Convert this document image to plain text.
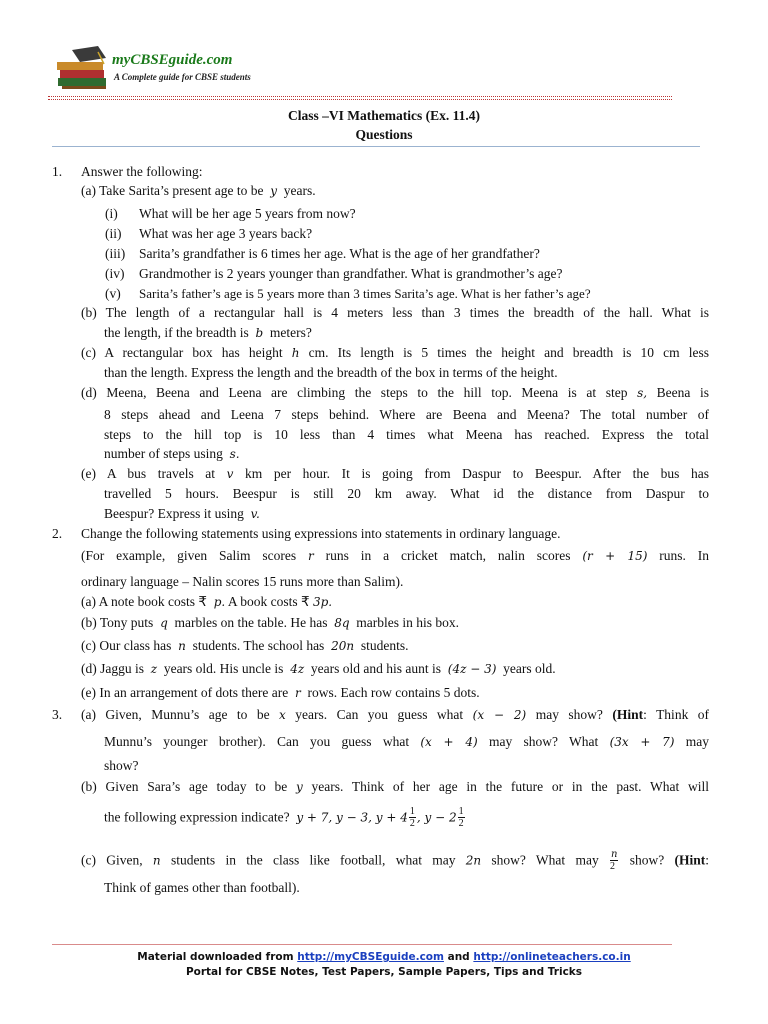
myCBSEguide.com
A Complete guide for CBSE students
Class –VI Mathematics (Ex. 11.4)
Questions
1. Answer the following:
(a) Take Sarita’s present age to be y years.
(i) What will be her age 5 years from now?
(ii) What was her age 3 years back?
(iii) Sarita’s grandfather is 6 times her age. What is the age of her grandfather?
(iv) Grandmother is 2 years younger than grandfather. What is grandmother’s age?
(v) Sarita’s father’s age is 5 years more than 3 times Sarita’s age. What is her father’s age?
(b) The length of a rectangular hall is 4 meters less than 3 times the breadth of the hall. What is
the length, if the breadth is b meters?
(c) A rectangular box has height h cm. Its length is 5 times the height and breadth is 10 cm less
than the length. Express the length and the breadth of the box in terms of the height.
(d) Meena, Beena and Leena are climbing the steps to the hill top. Meena is at step s, Beena is
8 steps ahead and Leena 7 steps behind. Where are Beena and Meena? The total number of
steps to the hill top is 10 less than 4 times what Meena has reached. Express the total
number of steps using s.
(e) A bus travels at v km per hour. It is going from Daspur to Beespur. After the bus has
travelled 5 hours. Beespur is still 20 km away. What id the distance from Daspur to
Beespur? Express it using v.
2. Change the following statements using expressions into statements in ordinary language.
(For example, given Salim scores r runs in a cricket match, nalin scores (r + 15) runs. In
ordinary language – Nalin scores 15 runs more than Salim).
(a) A note book costs ₹ p. A book costs ₹ 3p.
(b) Tony puts q marbles on the table. He has 8q marbles in his box.
(c) Our class has n students. The school has 20n students.
(d) Jaggu is z years old. His uncle is 4z years old and his aunt is (4z − 3) years old.
(e) In an arrangement of dots there are r rows. Each row contains 5 dots.
3. (a) Given, Munnu’s age to be x years. Can you guess what (x − 2) may show? (Hint: Think of
Munnu’s younger brother). Can you guess what (x + 4) may show? What (3x + 7) may
show?
(b) Given Sara’s age today to be y years. Think of her age in the future or in the past. What will
the following expression indicate? y + 7, y − 3, $y + 4 \frac{1}{2}$ , $y - 2 \frac{1}{2}$
(c) Given, n students in the class like football, what may 2n show? What may $\frac{n}{2}$ show? (Hint:
Think of games other than football).
Material downloaded from http://myCBSEguide.com and http://onlineteachers.co.in
Portal for CBSE Notes, Test Papers, Sample Papers, Tips and Tricks
